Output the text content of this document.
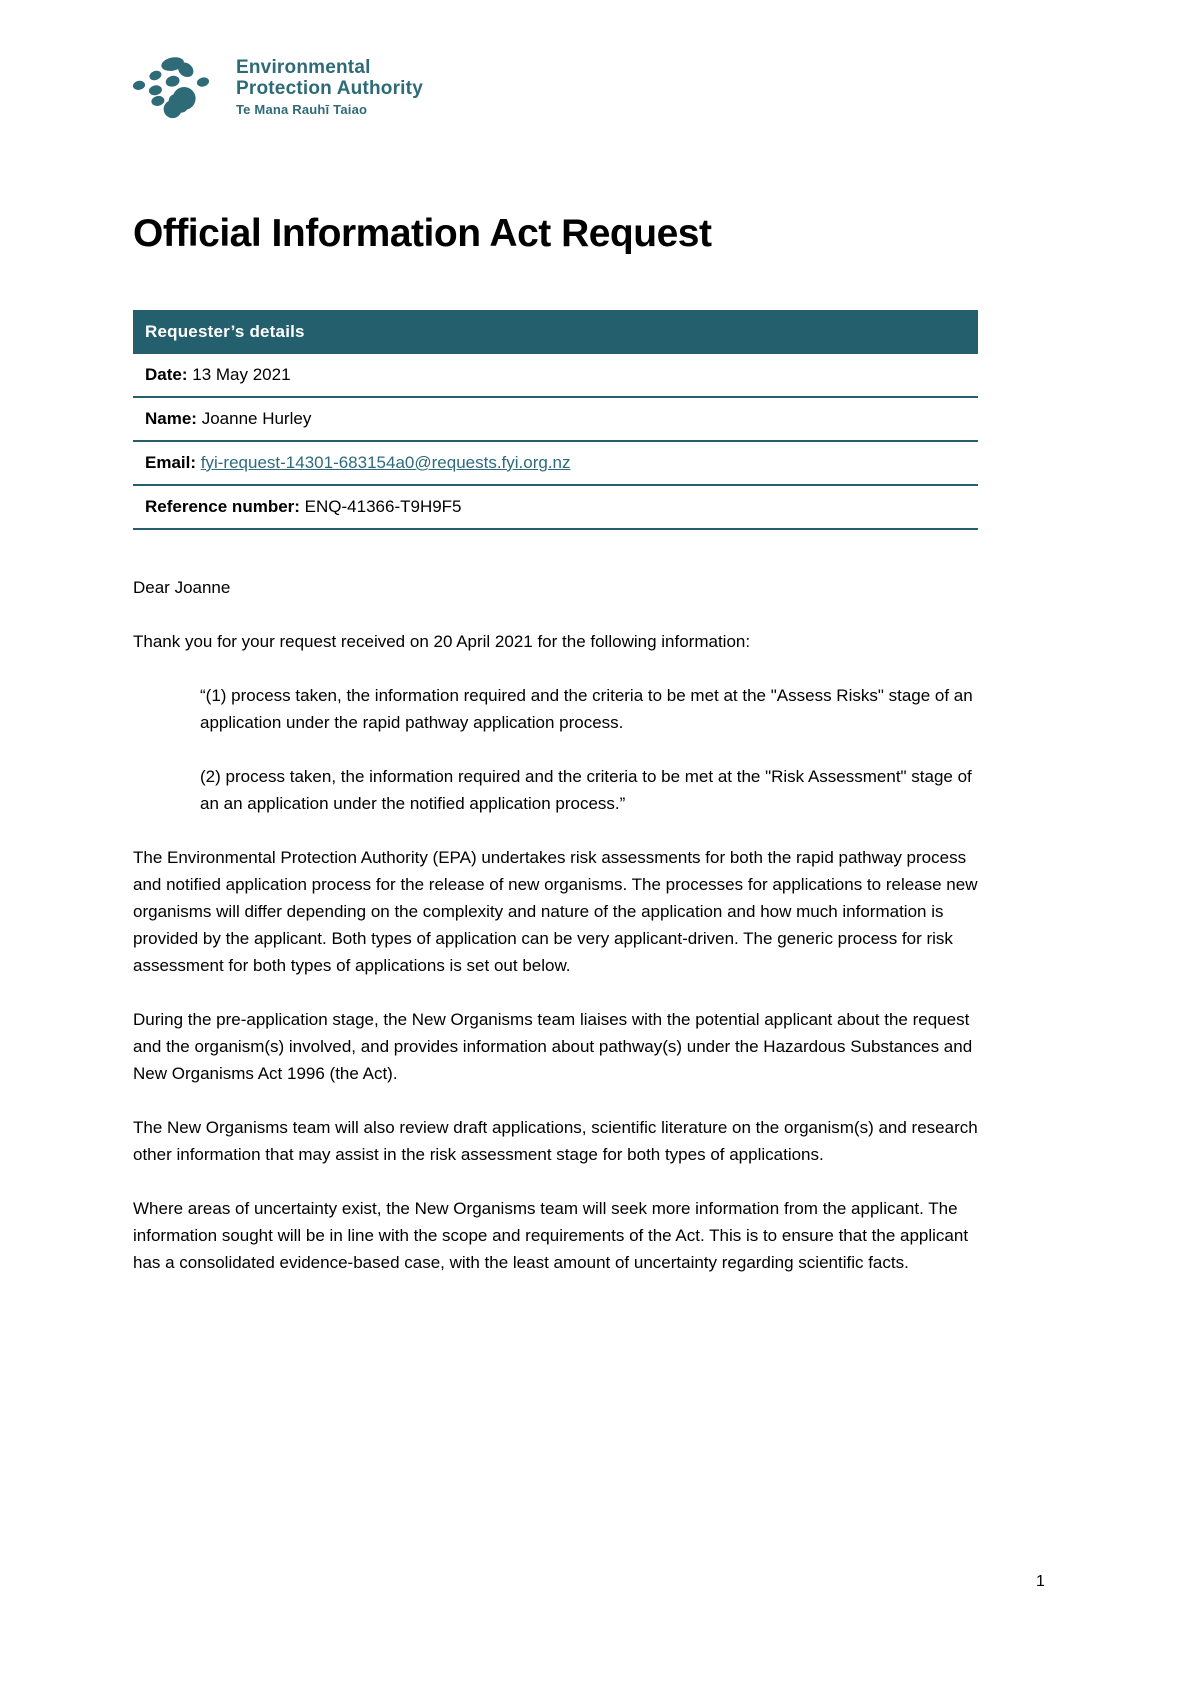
Environmental
Protection Authority
Te Mana Rauhī Taiao
Official Information Act Request
Requester’s details
Date: 13 May 2021
Name: Joanne Hurley
Email: fyi-request-14301-683154a0@requests.fyi.org.nz
Reference number: ENQ-41366-T9H9F5

Dear Joanne

Thank you for your request received on 20 April 2021 for the following information:

“(1) process taken, the information required and the criteria to be met at the "Assess Risks" stage of an application under the rapid pathway application process.

(2) process taken, the information required and the criteria to be met at the "Risk Assessment" stage of an an application under the notified application process.”

The Environmental Protection Authority (EPA) undertakes risk assessments for both the rapid pathway process and notified application process for the release of new organisms. The processes for applications to release new organisms will differ depending on the complexity and nature of the application and how much information is provided by the applicant. Both types of application can be very applicant-driven. The generic process for risk assessment for both types of applications is set out below.

During the pre-application stage, the New Organisms team liaises with the potential applicant about the request and the organism(s) involved, and provides information about pathway(s) under the Hazardous Substances and New Organisms Act 1996 (the Act).

The New Organisms team will also review draft applications, scientific literature on the organism(s) and research other information that may assist in the risk assessment stage for both types of applications.

Where areas of uncertainty exist, the New Organisms team will seek more information from the applicant. The information sought will be in line with the scope and requirements of the Act. This is to ensure that the applicant has a consolidated evidence-based case, with the least amount of uncertainty regarding scientific facts.

1
